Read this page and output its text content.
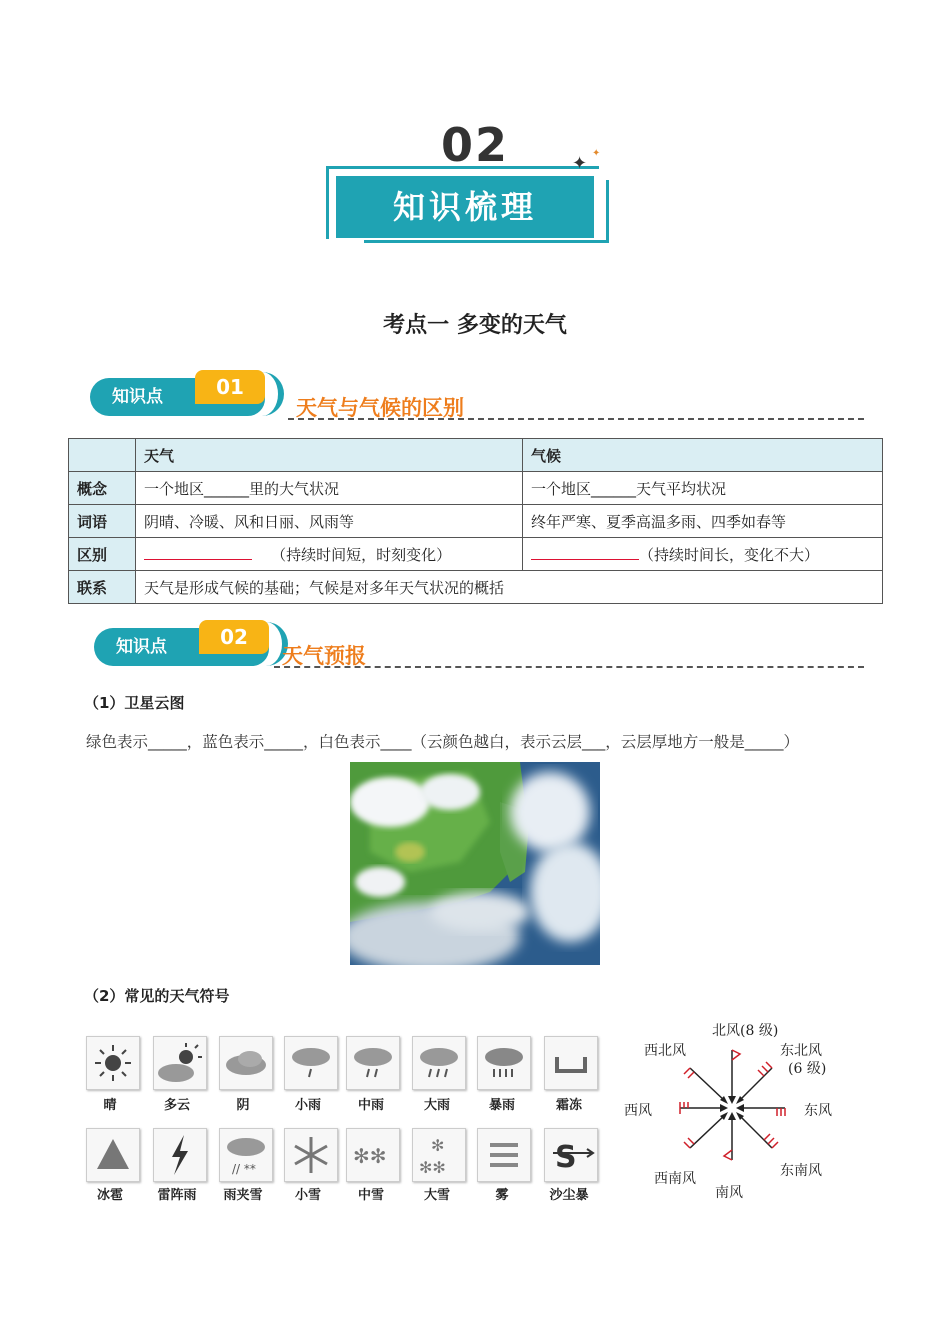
02
知识梳理
✦ ✦
考点一 多变的天气
知识点	01
天气与气候的区别
	天气	气候
概念	一个地区______里的大气状况	一个地区______天气平均状况
词语	阴晴、冷暖、风和日丽、风雨等	终年严寒、夏季高温多雨、四季如春等
区别	（持续时间短，时刻变化）	（持续时间长，变化不大）
联系	天气是形成气候的基础；气候是对多年天气状况的概括	
知识点	02
天气预报
（1）卫星云图
绿色表示_____，蓝色表示_____，白色表示____（云颜色越白，表示云层___，云层厚地方一般是_____）
（2）常见的天气符号
晴	多云	阴	小雨	中雨	大雨	暴雨	霜冻
// **
✻✻	✻
✻✻	S
冰雹	雷阵雨	雨夹雪	小雪	中雪	大雪	雾	沙尘暴
北风(8 级)
西北风	东北风
(6 级)
西风	东风
西南风	东南风
南风
